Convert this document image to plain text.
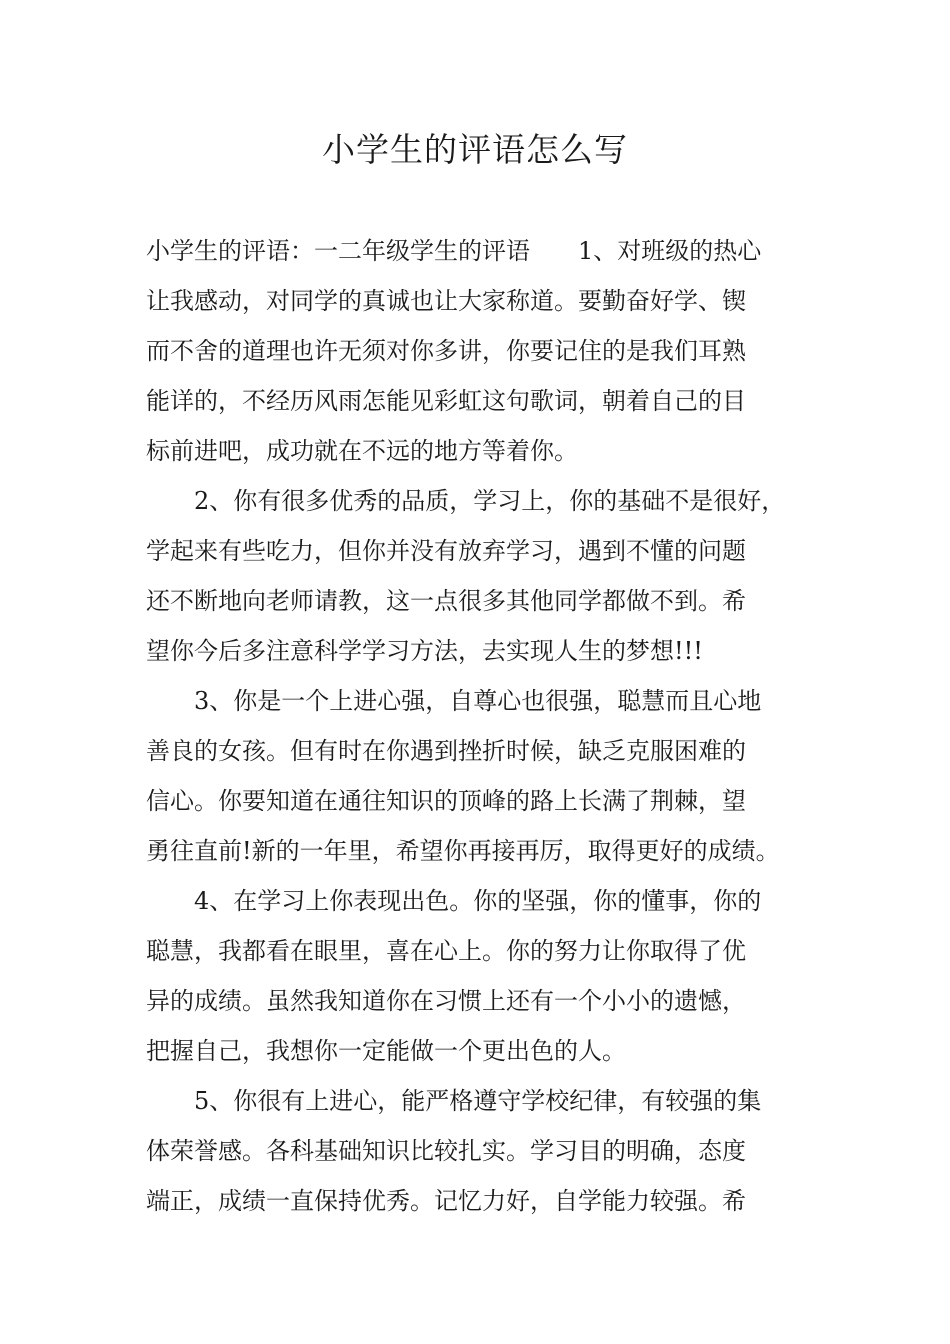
小学生的评语怎么写
小学生的评语：一二年级学生的评语　　1、对班级的热心
让我感动，对同学的真诚也让大家称道。要勤奋好学、锲
而不舍的道理也许无须对你多讲，你要记住的是我们耳熟
能详的，不经历风雨怎能见彩虹这句歌词，朝着自己的目
标前进吧，成功就在不远的地方等着你。
2、你有很多优秀的品质，学习上，你的基础不是很好，
学起来有些吃力，但你并没有放弃学习，遇到不懂的问题
还不断地向老师请教，这一点很多其他同学都做不到。希
望你今后多注意科学学习方法，去实现人生的梦想!!!
3、你是一个上进心强，自尊心也很强，聪慧而且心地
善良的女孩。但有时在你遇到挫折时候，缺乏克服困难的
信心。你要知道在通往知识的顶峰的路上长满了荆棘，望
勇往直前!新的一年里，希望你再接再厉，取得更好的成绩。
4、在学习上你表现出色。你的坚强，你的懂事，你的
聪慧，我都看在眼里，喜在心上。你的努力让你取得了优
异的成绩。虽然我知道你在习惯上还有一个小小的遗憾，
把握自己，我想你一定能做一个更出色的人。
5、你很有上进心，能严格遵守学校纪律，有较强的集
体荣誉感。各科基础知识比较扎实。学习目的明确，态度
端正，成绩一直保持优秀。记忆力好，自学能力较强。希
